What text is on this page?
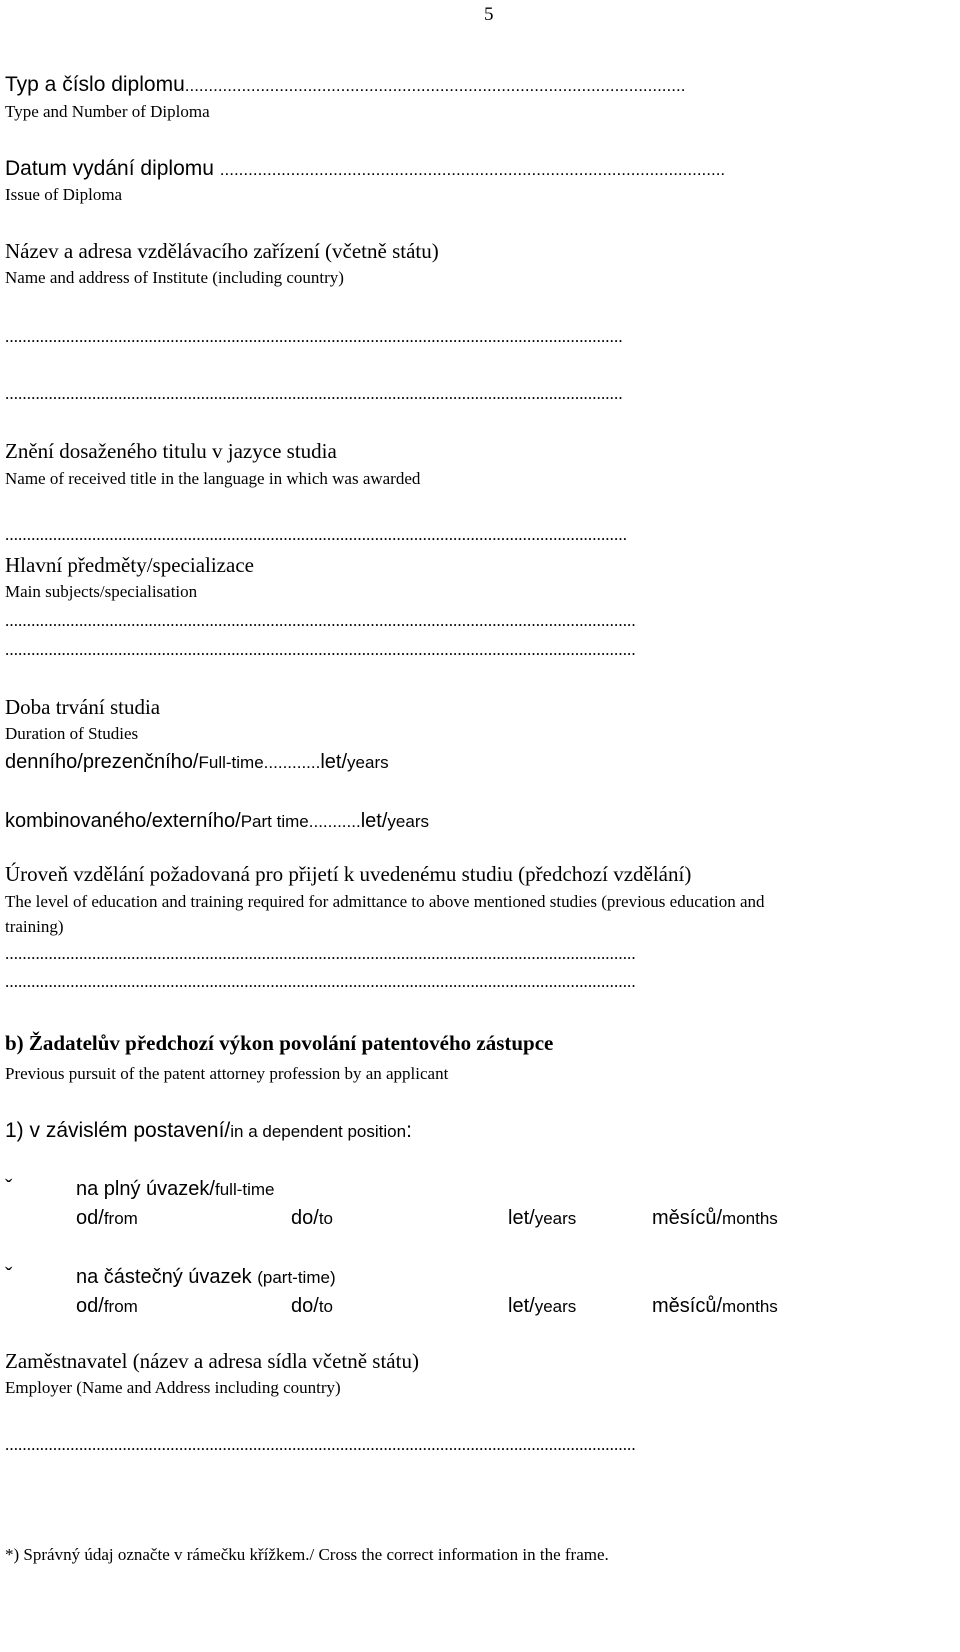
5
Typ a číslo diplomu..........................................................................................................
Type and Number of Diploma
Datum vydání diplomu ...........................................................................................................
Issue of Diploma
Název a adresa vzdělávacího zařízení (včetně státu)
Name and address of Institute (including country)
..............................................................................................................................................
..............................................................................................................................................
Znění dosaženého titulu v jazyce studia
Name of received title in the language in which was awarded
...............................................................................................................................................
Hlavní předměty/specializace
Main subjects/specialisation
.................................................................................................................................................
.................................................................................................................................................
Doba trvání studia
Duration of Studies
denního/prezenčního/Full-time............let/years
kombinovaného/externího/Part time...........let/years
Úroveň vzdělání požadovaná pro přijetí k uvedenému studiu (předchozí vzdělání)
The level of education and training required for admittance to above mentioned studies (previous education and
training)
.................................................................................................................................................
.................................................................................................................................................
b) Žadatelův předchozí výkon povolání patentového zástupce
Previous pursuit of the patent attorney profession by an applicant
1) v závislém postavení/in a dependent position:
ˇ	na plný úvazek/full-time
od/from	do/to	let/years	měsíců/months
ˇ	na částečný úvazek (part-time)
od/from	do/to	let/years	měsíců/months
Zaměstnavatel (název a adresa sídla včetně státu)
Employer (Name and Address including country)
.................................................................................................................................................
*) Správný údaj označte v rámečku křížkem./ Cross the correct information in the frame.
